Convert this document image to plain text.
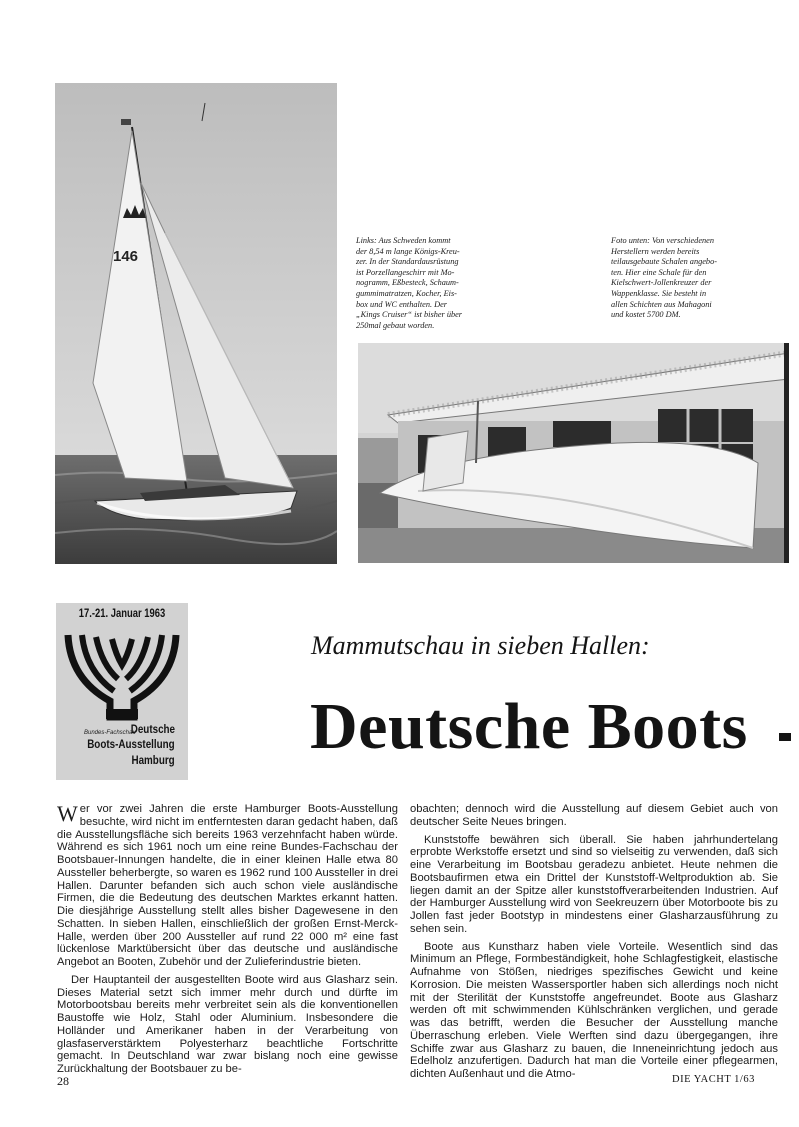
146
Links: Aus Schweden kommt
der 8,54 m lange Königs-Kreu-
zer. In der Standardausrüstung
ist Porzellangeschirr mit Mo-
nogramm, Eßbesteck, Schaum-
gummimatratzen, Kocher, Eis-
box und WC enthalten. Der
„Kings Cruiser“ ist bisher über
250mal gebaut worden.
Foto unten: Von verschiedenen
Herstellern werden bereits
teilausgebaute Schalen angebo-
ten. Hier eine Schale für den
Kielschwert-Jollenkreuzer der
Wappenklasse. Sie besteht in
allen Schichten aus Mahagoni
und kostet 5700 DM.
17.-21. Januar 1963
Bundes-Fachschau
Deutsche
Boots-Ausstellung
Hamburg
Mammutschau in sieben Hallen:
Deutsche Boots

Wer vor zwei Jahren die erste Hamburger Boots-Ausstellung besuchte, wird nicht im entferntesten daran gedacht haben, daß die Ausstellungsfläche sich bereits 1963 verzehnfacht haben würde. Während es sich 1961 noch um eine reine Bundes-Fachschau der Bootsbauer-Innungen handelte, die in einer kleinen Halle etwa 80 Aussteller beherbergte, so waren es 1962 rund 100 Aussteller in drei Hallen. Darunter befanden sich auch schon viele ausländische Firmen, die die Bedeutung des deutschen Marktes erkannt hatten. Die diesjährige Ausstellung stellt alles bisher Dagewesene in den Schatten. In sieben Hallen, einschließlich der großen Ernst-Merck-Halle, werden über 200 Aussteller auf rund 22 000 m² eine fast lückenlose Marktübersicht über das deutsche und ausländische Angebot an Booten, Zubehör und der Zulieferindustrie bieten.

Der Hauptanteil der ausgestellten Boote wird aus Glasharz sein. Dieses Material setzt sich immer mehr durch und dürfte im Motorbootsbau bereits mehr verbreitet sein als die konventionellen Baustoffe wie Holz, Stahl oder Aluminium. Insbesondere die Holländer und Amerikaner haben in der Verarbeitung von glasfaserverstärktem Polyesterharz beachtliche Fortschritte gemacht. In Deutschland war zwar bislang noch eine gewisse Zurückhaltung der Bootsbauer zu be-

obachten; dennoch wird die Ausstellung auf diesem Gebiet auch von deutscher Seite Neues bringen.

Kunststoffe bewähren sich überall. Sie haben jahrhundertelang erprobte Werkstoffe ersetzt und sind so vielseitig zu verwenden, daß sich eine Verarbeitung im Bootsbau geradezu anbietet. Heute nehmen die Bootsbaufirmen etwa ein Drittel der Kunststoff-Weltproduktion ab. Sie liegen damit an der Spitze aller kunststoffverarbeitenden Industrien. Auf der Hamburger Ausstellung wird von Seekreuzern über Motorboote bis zu Jollen fast jeder Bootstyp in mindestens einer Glasharzausführung zu sehen sein.

Boote aus Kunstharz haben viele Vorteile. Wesentlich sind das Minimum an Pflege, Formbeständigkeit, hohe Schlagfestigkeit, elastische Aufnahme von Stößen, niedriges spezifisches Gewicht und keine Korrosion. Die meisten Wassersportler haben sich allerdings noch nicht mit der Sterilität der Kunststoffe angefreundet. Boote aus Glasharz werden oft mit schwimmenden Kühlschränken verglichen, und gerade was das betrifft, werden die Besucher der Ausstellung manche Überraschung erleben. Viele Werften sind dazu übergegangen, ihre Schiffe zwar aus Glasharz zu bauen, die Inneneinrichtung jedoch aus Edelholz anzufertigen. Dadurch hat man die Vorteile einer pflegearmen, dichten Außenhaut und die Atmo-

28	DIE YACHT 1/63
